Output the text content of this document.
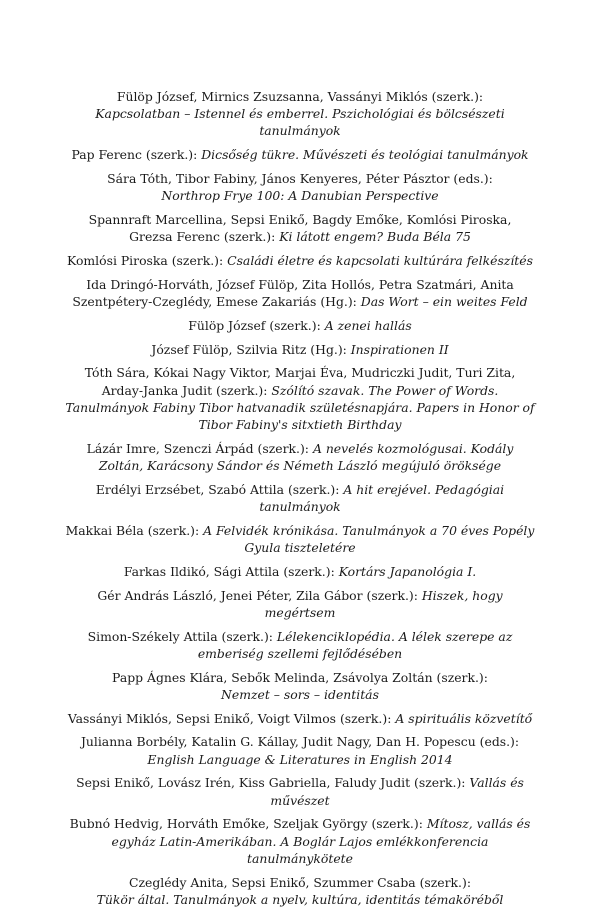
Fülöp József, Mirnics Zsuzsanna, Vassányi Miklós (szerk.):
Kapcsolatban – Istennel és emberrel. Pszichológiai és bölcsészeti tanulmányok
Pap Ferenc (szerk.): Dicsőség tükre. Művészeti és teológiai tanulmányok
Sára Tóth, Tibor Fabiny, János Kenyeres, Péter Pásztor (eds.):
Northrop Frye 100: A Danubian Perspective
Spannraft Marcellina, Sepsi Enikő, Bagdy Emőke, Komlósi Piroska, Grezsa Ferenc (szerk.): Ki látott engem? Buda Béla 75
Komlósi Piroska (szerk.): Családi életre és kapcsolati kultúrára felkészítés
Ida Dringó-Horváth, József Fülöp, Zita Hollós, Petra Szatmári, Anita Szentpétery-Czeglédy, Emese Zakariás (Hg.): Das Wort – ein weites Feld
Fülöp József (szerk.): A zenei hallás
József Fülöp, Szilvia Ritz (Hg.): Inspirationen II
Tóth Sára, Kókai Nagy Viktor, Marjai Éva, Mudriczki Judit, Turi Zita, Arday-Janka Judit (szerk.): Szólító szavak. The Power of Words. Tanulmányok Fabiny Tibor hatvanadik születésnapjára. Papers in Honor of Tibor Fabiny's sitxtieth Birthday
Lázár Imre, Szenczi Árpád (szerk.): A nevelés kozmológusai. Kodály Zoltán, Karácsony Sándor és Németh László megújuló öröksége
Erdélyi Erzsébet, Szabó Attila (szerk.): A hit erejével. Pedagógiai tanulmányok
Makkai Béla (szerk.): A Felvidék krónikása. Tanulmányok a 70 éves Popély Gyula tiszteletére
Farkas Ildikó, Sági Attila (szerk.): Kortárs Japanológia I.
Gér András László, Jenei Péter, Zila Gábor (szerk.): Hiszek, hogy megértsem
Simon-Székely Attila (szerk.): Lélekenciklopédia. A lélek szerepe az emberiség szellemi fejlődésében
Papp Ágnes Klára, Sebők Melinda, Zsávolya Zoltán (szerk.):
Nemzet – sors – identitás
Vassányi Miklós, Sepsi Enikő, Voigt Vilmos (szerk.): A spirituális közvetítő
Julianna Borbély, Katalin G. Kállay, Judit Nagy, Dan H. Popescu (eds.):
English Language & Literatures in English 2014
Sepsi Enikő, Lovász Irén, Kiss Gabriella, Faludy Judit (szerk.): Vallás és művészet
Bubnó Hedvig, Horváth Emőke, Szeljak György (szerk.): Mítosz, vallás és egyház Latin-Amerikában. A Boglár Lajos emlékkonferencia tanulmánykötete
Czeglédy Anita, Sepsi Enikő, Szummer Csaba (szerk.):
Tükör által. Tanulmányok a nyelv, kultúra, identitás témaköréből
